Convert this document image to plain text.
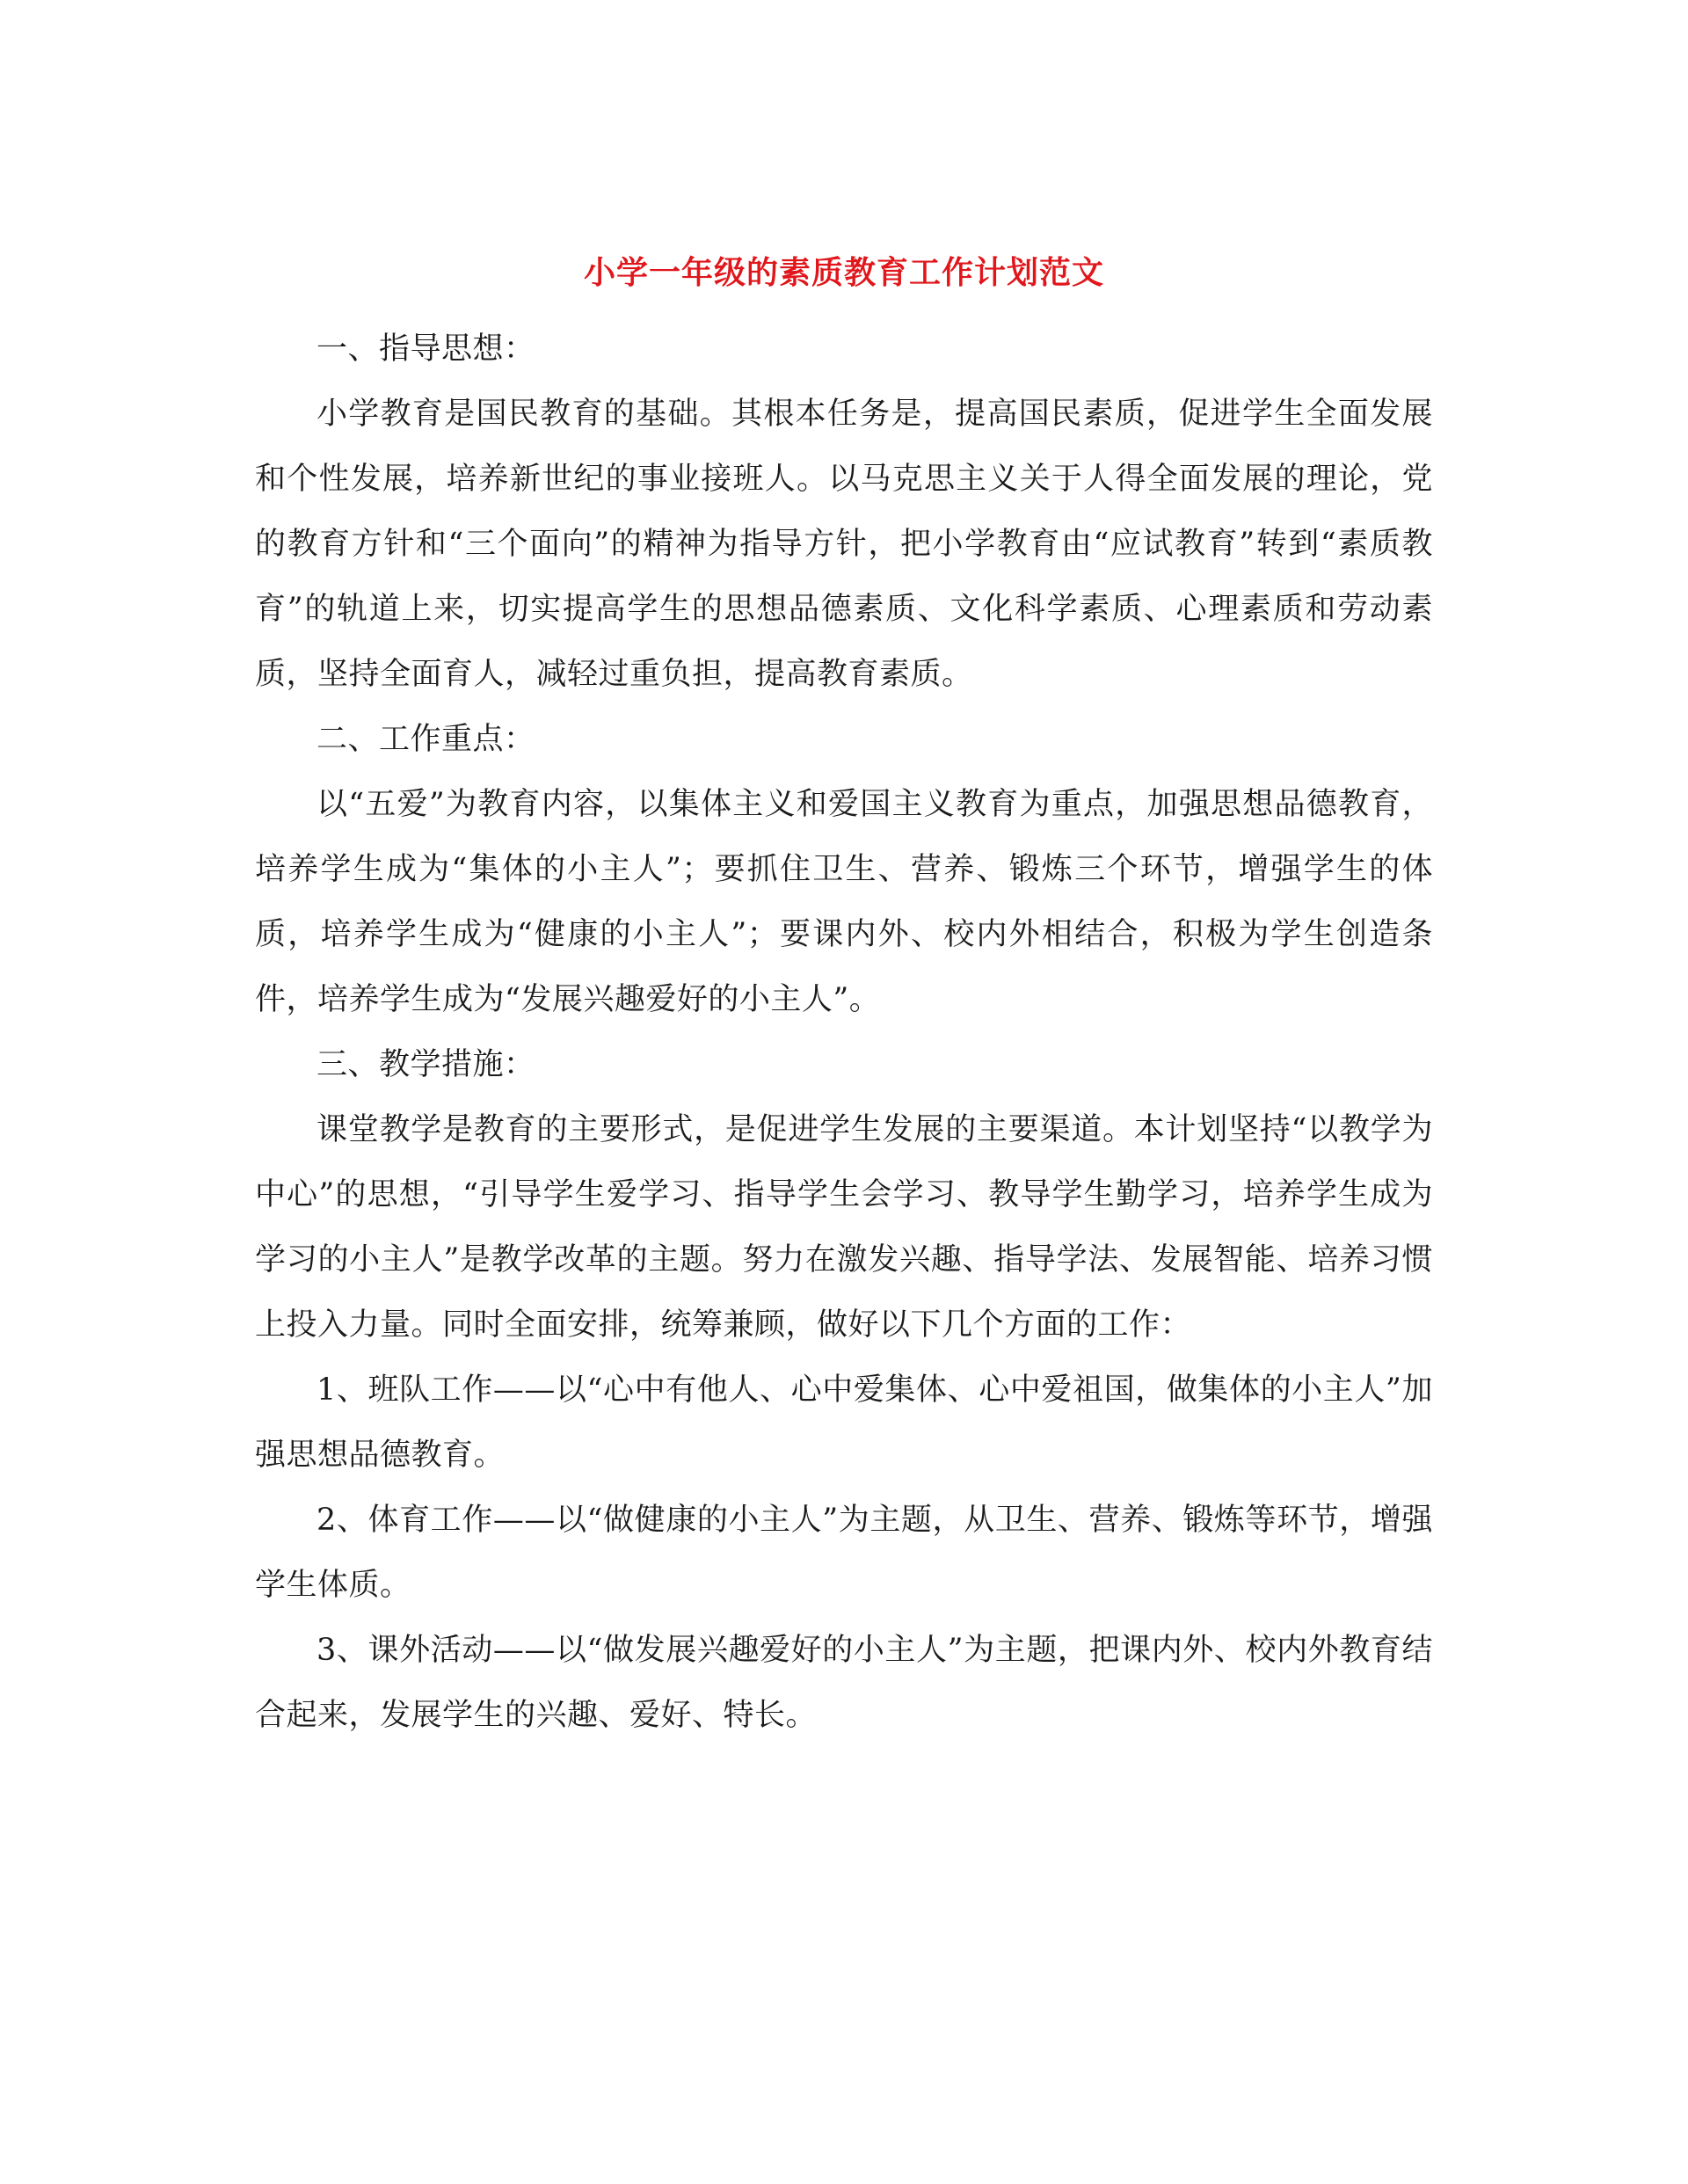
小学一年级的素质教育工作计划范文

一、指导思想：

小学教育是国民教育的基础。其根本任务是，提高国民素质，促进学生全面发展和个性发展，培养新世纪的事业接班人。以马克思主义关于人得全面发展的理论，党的教育方针和“三个面向”的精神为指导方针，把小学教育由“应试教育”转到“素质教育”的轨道上来，切实提高学生的思想品德素质、文化科学素质、心理素质和劳动素质，坚持全面育人，减轻过重负担，提高教育素质。

二、工作重点：

以“五爱”为教育内容，以集体主义和爱国主义教育为重点，加强思想品德教育，培养学生成为“集体的小主人”；要抓住卫生、营养、锻炼三个环节，增强学生的体质，培养学生成为“健康的小主人”；要课内外、校内外相结合，积极为学生创造条件，培养学生成为“发展兴趣爱好的小主人”。

三、教学措施：

课堂教学是教育的主要形式，是促进学生发展的主要渠道。本计划坚持“以教学为中心”的思想，“引导学生爱学习、指导学生会学习、教导学生勤学习，培养学生成为学习的小主人”是教学改革的主题。努力在激发兴趣、指导学法、发展智能、培养习惯上投入力量。同时全面安排，统筹兼顾，做好以下几个方面的工作：

1、班队工作——以“心中有他人、心中爱集体、心中爱祖国，做集体的小主人”加强思想品德教育。

2、体育工作——以“做健康的小主人”为主题，从卫生、营养、锻炼等环节，增强学生体质。

3、课外活动——以“做发展兴趣爱好的小主人”为主题，把课内外、校内外教育结合起来，发展学生的兴趣、爱好、特长。
